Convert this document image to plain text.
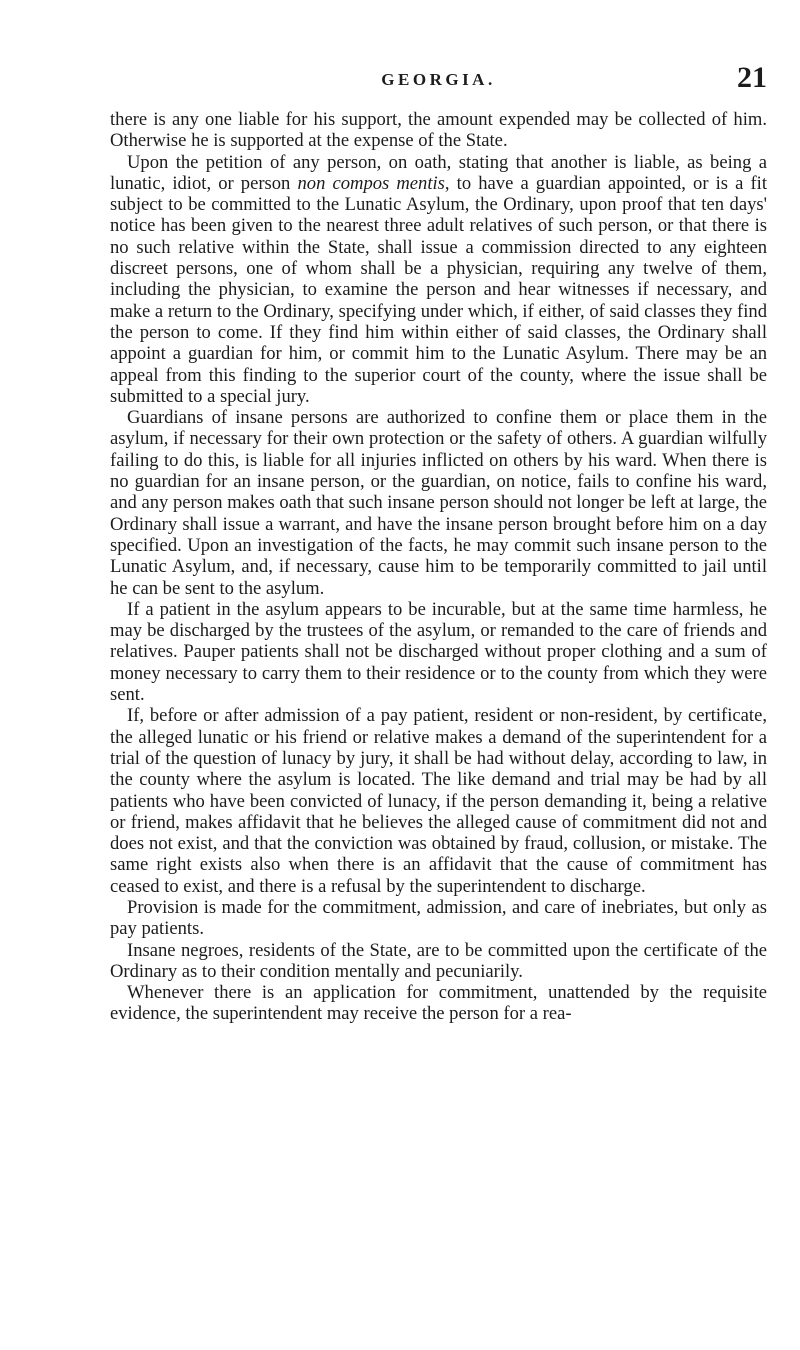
GEORGIA.	21

there is any one liable for his support, the amount expended may be collected of him. Otherwise he is supported at the expense of the State.

Upon the petition of any person, on oath, stating that another is liable, as being a lunatic, idiot, or person non compos mentis, to have a guardian appointed, or is a fit subject to be committed to the Lunatic Asylum, the Ordinary, upon proof that ten days' notice has been given to the nearest three adult relatives of such person, or that there is no such relative within the State, shall issue a commission directed to any eighteen discreet persons, one of whom shall be a physician, requiring any twelve of them, including the physician, to examine the person and hear witnesses if necessary, and make a return to the Ordinary, specifying under which, if either, of said classes they find the person to come. If they find him within either of said classes, the Ordinary shall appoint a guardian for him, or commit him to the Lunatic Asylum. There may be an appeal from this finding to the superior court of the county, where the issue shall be submitted to a special jury.

Guardians of insane persons are authorized to confine them or place them in the asylum, if necessary for their own protection or the safety of others. A guardian wilfully failing to do this, is liable for all injuries inflicted on others by his ward. When there is no guardian for an insane person, or the guardian, on notice, fails to confine his ward, and any person makes oath that such insane person should not longer be left at large, the Ordinary shall issue a warrant, and have the insane person brought before him on a day specified. Upon an investigation of the facts, he may commit such insane person to the Lunatic Asylum, and, if necessary, cause him to be temporarily committed to jail until he can be sent to the asylum.

If a patient in the asylum appears to be incurable, but at the same time harmless, he may be discharged by the trustees of the asylum, or remanded to the care of friends and relatives. Pauper patients shall not be discharged without proper clothing and a sum of money necessary to carry them to their residence or to the county from which they were sent.

If, before or after admission of a pay patient, resident or non-resident, by certificate, the alleged lunatic or his friend or relative makes a demand of the superintendent for a trial of the question of lunacy by jury, it shall be had without delay, according to law, in the county where the asylum is located. The like demand and trial may be had by all patients who have been convicted of lunacy, if the person demanding it, being a relative or friend, makes affidavit that he believes the alleged cause of commitment did not and does not exist, and that the conviction was obtained by fraud, collusion, or mistake. The same right exists also when there is an affidavit that the cause of commitment has ceased to exist, and there is a refusal by the superintendent to discharge.

Provision is made for the commitment, admission, and care of inebriates, but only as pay patients.

Insane negroes, residents of the State, are to be committed upon the certificate of the Ordinary as to their condition mentally and pecuniarily.

Whenever there is an application for commitment, unattended by the requisite evidence, the superintendent may receive the person for a rea-
